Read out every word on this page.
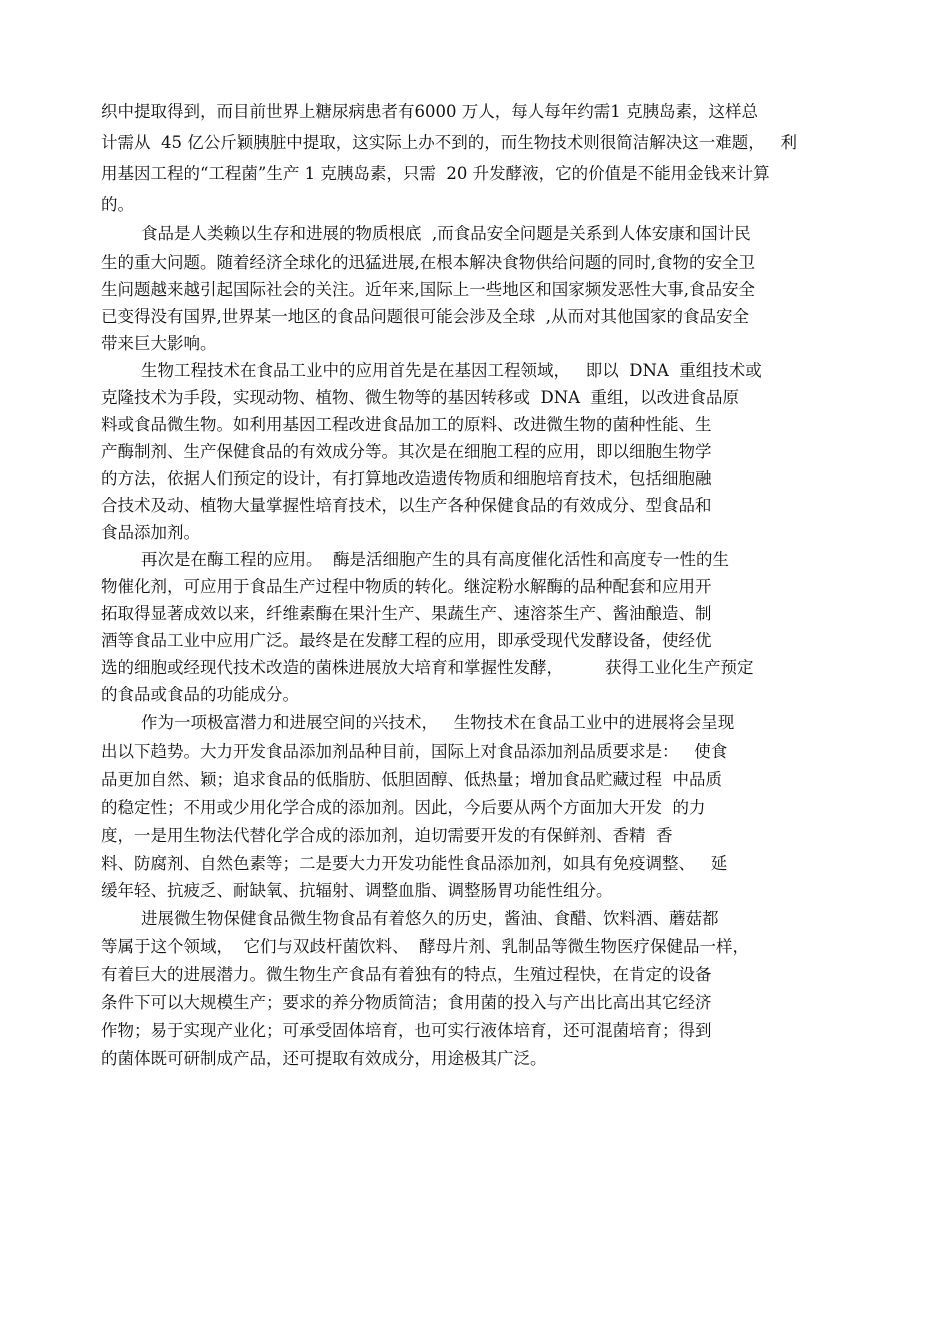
织中提取得到，而目前世界上糖尿病患者有6000 万人，每人每年约需1 克胰岛素，这样总

计需从  45 亿公斤颖胰脏中提取，这实际上办不到的，而生物技术则很简洁解决这一难题，   利

用基因工程的“工程菌”生产 1 克胰岛素，只需  20 升发酵液，它的价值是不能用金钱来计算

的。

食品是人类赖以生存和进展的物质根底  ,而食品安全问题是关系到人体安康和国计民

生的重大问题。随着经济全球化的迅猛进展,在根本解决食物供给问题的同时,食物的安全卫

生问题越来越引起国际社会的关注。近年来,国际上一些地区和国家频发恶性大事,食品安全

已变得没有国界,世界某一地区的食品问题很可能会涉及全球  ,从而对其他国家的食品安全

带来巨大影响。

生物工程技术在食品工业中的应用首先是在基因工程领域，   即以  DNA  重组技术或

克隆技术为手段，实现动物、植物、微生物等的基因转移或  DNA  重组，以改进食品原

料或食品微生物。如利用基因工程改进食品加工的原料、改进微生物的菌种性能、生

产酶制剂、生产保健食品的有效成分等。其次是在细胞工程的应用，即以细胞生物学

的方法，依据人们预定的设计，有打算地改造遗传物质和细胞培育技术，包括细胞融

合技术及动、植物大量掌握性培育技术，以生产各种保健食品的有效成分、型食品和

食品添加剂。

再次是在酶工程的应用。  酶是活细胞产生的具有高度催化活性和高度专一性的生

物催化剂，可应用于食品生产过程中物质的转化。继淀粉水解酶的品种配套和应用开

拓取得显著成效以来，纤维素酶在果汁生产、果蔬生产、速溶茶生产、酱油酿造、制

酒等食品工业中应用广泛。最终是在发酵工程的应用，即承受现代发酵设备，使经优

选的细胞或经现代技术改造的菌株进展放大培育和掌握性发酵，        获得工业化生产预定

的食品或食品的功能成分。

作为一项极富潜力和进展空间的兴技术，   生物技术在食品工业中的进展将会呈现

出以下趋势。大力开发食品添加剂品种目前，国际上对食品添加剂品质要求是：   使食

品更加自然、颖；追求食品的低脂肪、低胆固醇、低热量；增加食品贮藏过程  中品质

的稳定性；不用或少用化学合成的添加剂。因此，今后要从两个方面加大开发  的力

度，一是用生物法代替化学合成的添加剂，迫切需要开发的有保鲜剂、香精  香

料、防腐剂、自然色素等；二是要大力开发功能性食品添加剂，如具有免疫调整、   延

缓年轻、抗疲乏、耐缺氧、抗辐射、调整血脂、调整肠胃功能性组分。

进展微生物保健食品微生物食品有着悠久的历史，酱油、食醋、饮料酒、蘑菇都

等属于这个领域，  它们与双歧杆菌饮料、  酵母片剂、乳制品等微生物医疗保健品一样，

有着巨大的进展潜力。微生物生产食品有着独有的特点，生殖过程快，在肯定的设备

条件下可以大规模生产；要求的养分物质简洁；食用菌的投入与产出比高出其它经济

作物；易于实现产业化；可承受固体培育，也可实行液体培育，还可混菌培育；得到

的菌体既可研制成产品，还可提取有效成分，用途极其广泛。
